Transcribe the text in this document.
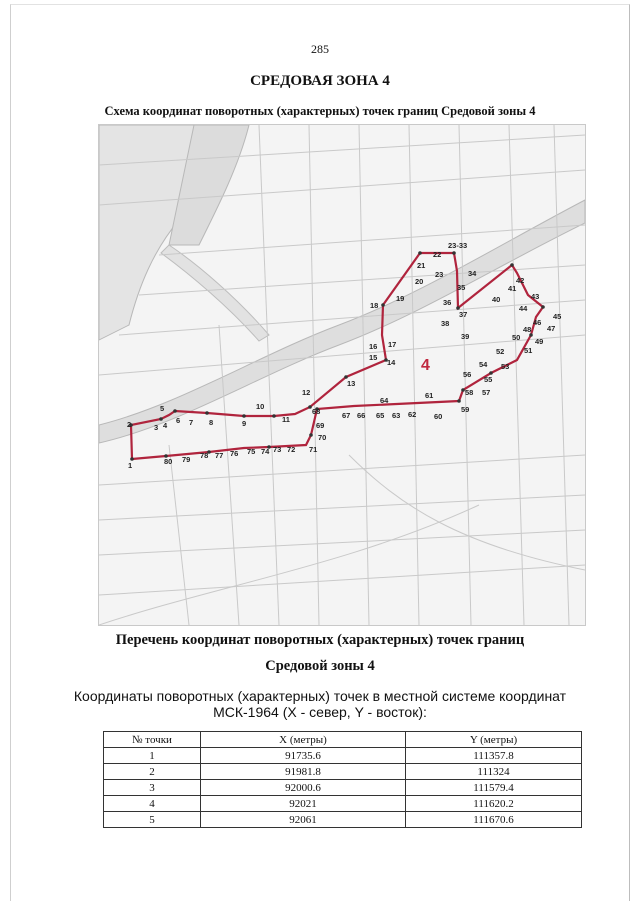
285
СРЕДОВАЯ ЗОНА 4
Схема координат поворотных (характерных) точек границ Средовой зоны 4
1
2	3 4
5
6 7 8	9
10
11
12
13
14
15
16 17
18
19
20
21
22
23-33
23	34
35
36
37
38
39
40
41
42
43
44
45
46
47
48
49
50
51
52
53
54
55
56
57
58
59
60
61
62
63
64
65
66
67
68
69
70
71
72
73
74
75
76
77
78
79
80
4
Перечень координат поворотных (характерных) точек границ
Средовой зоны 4
Координаты поворотных (характерных) точек в местной системе координат
МСК-1964 (X - север, Y - восток):
№ точки	X (метры)	Y (метры)
1	91735.6	111357.8
2	91981.8	111324
3	92000.6	111579.4
4	92021	111620.2
5	92061	111670.6
